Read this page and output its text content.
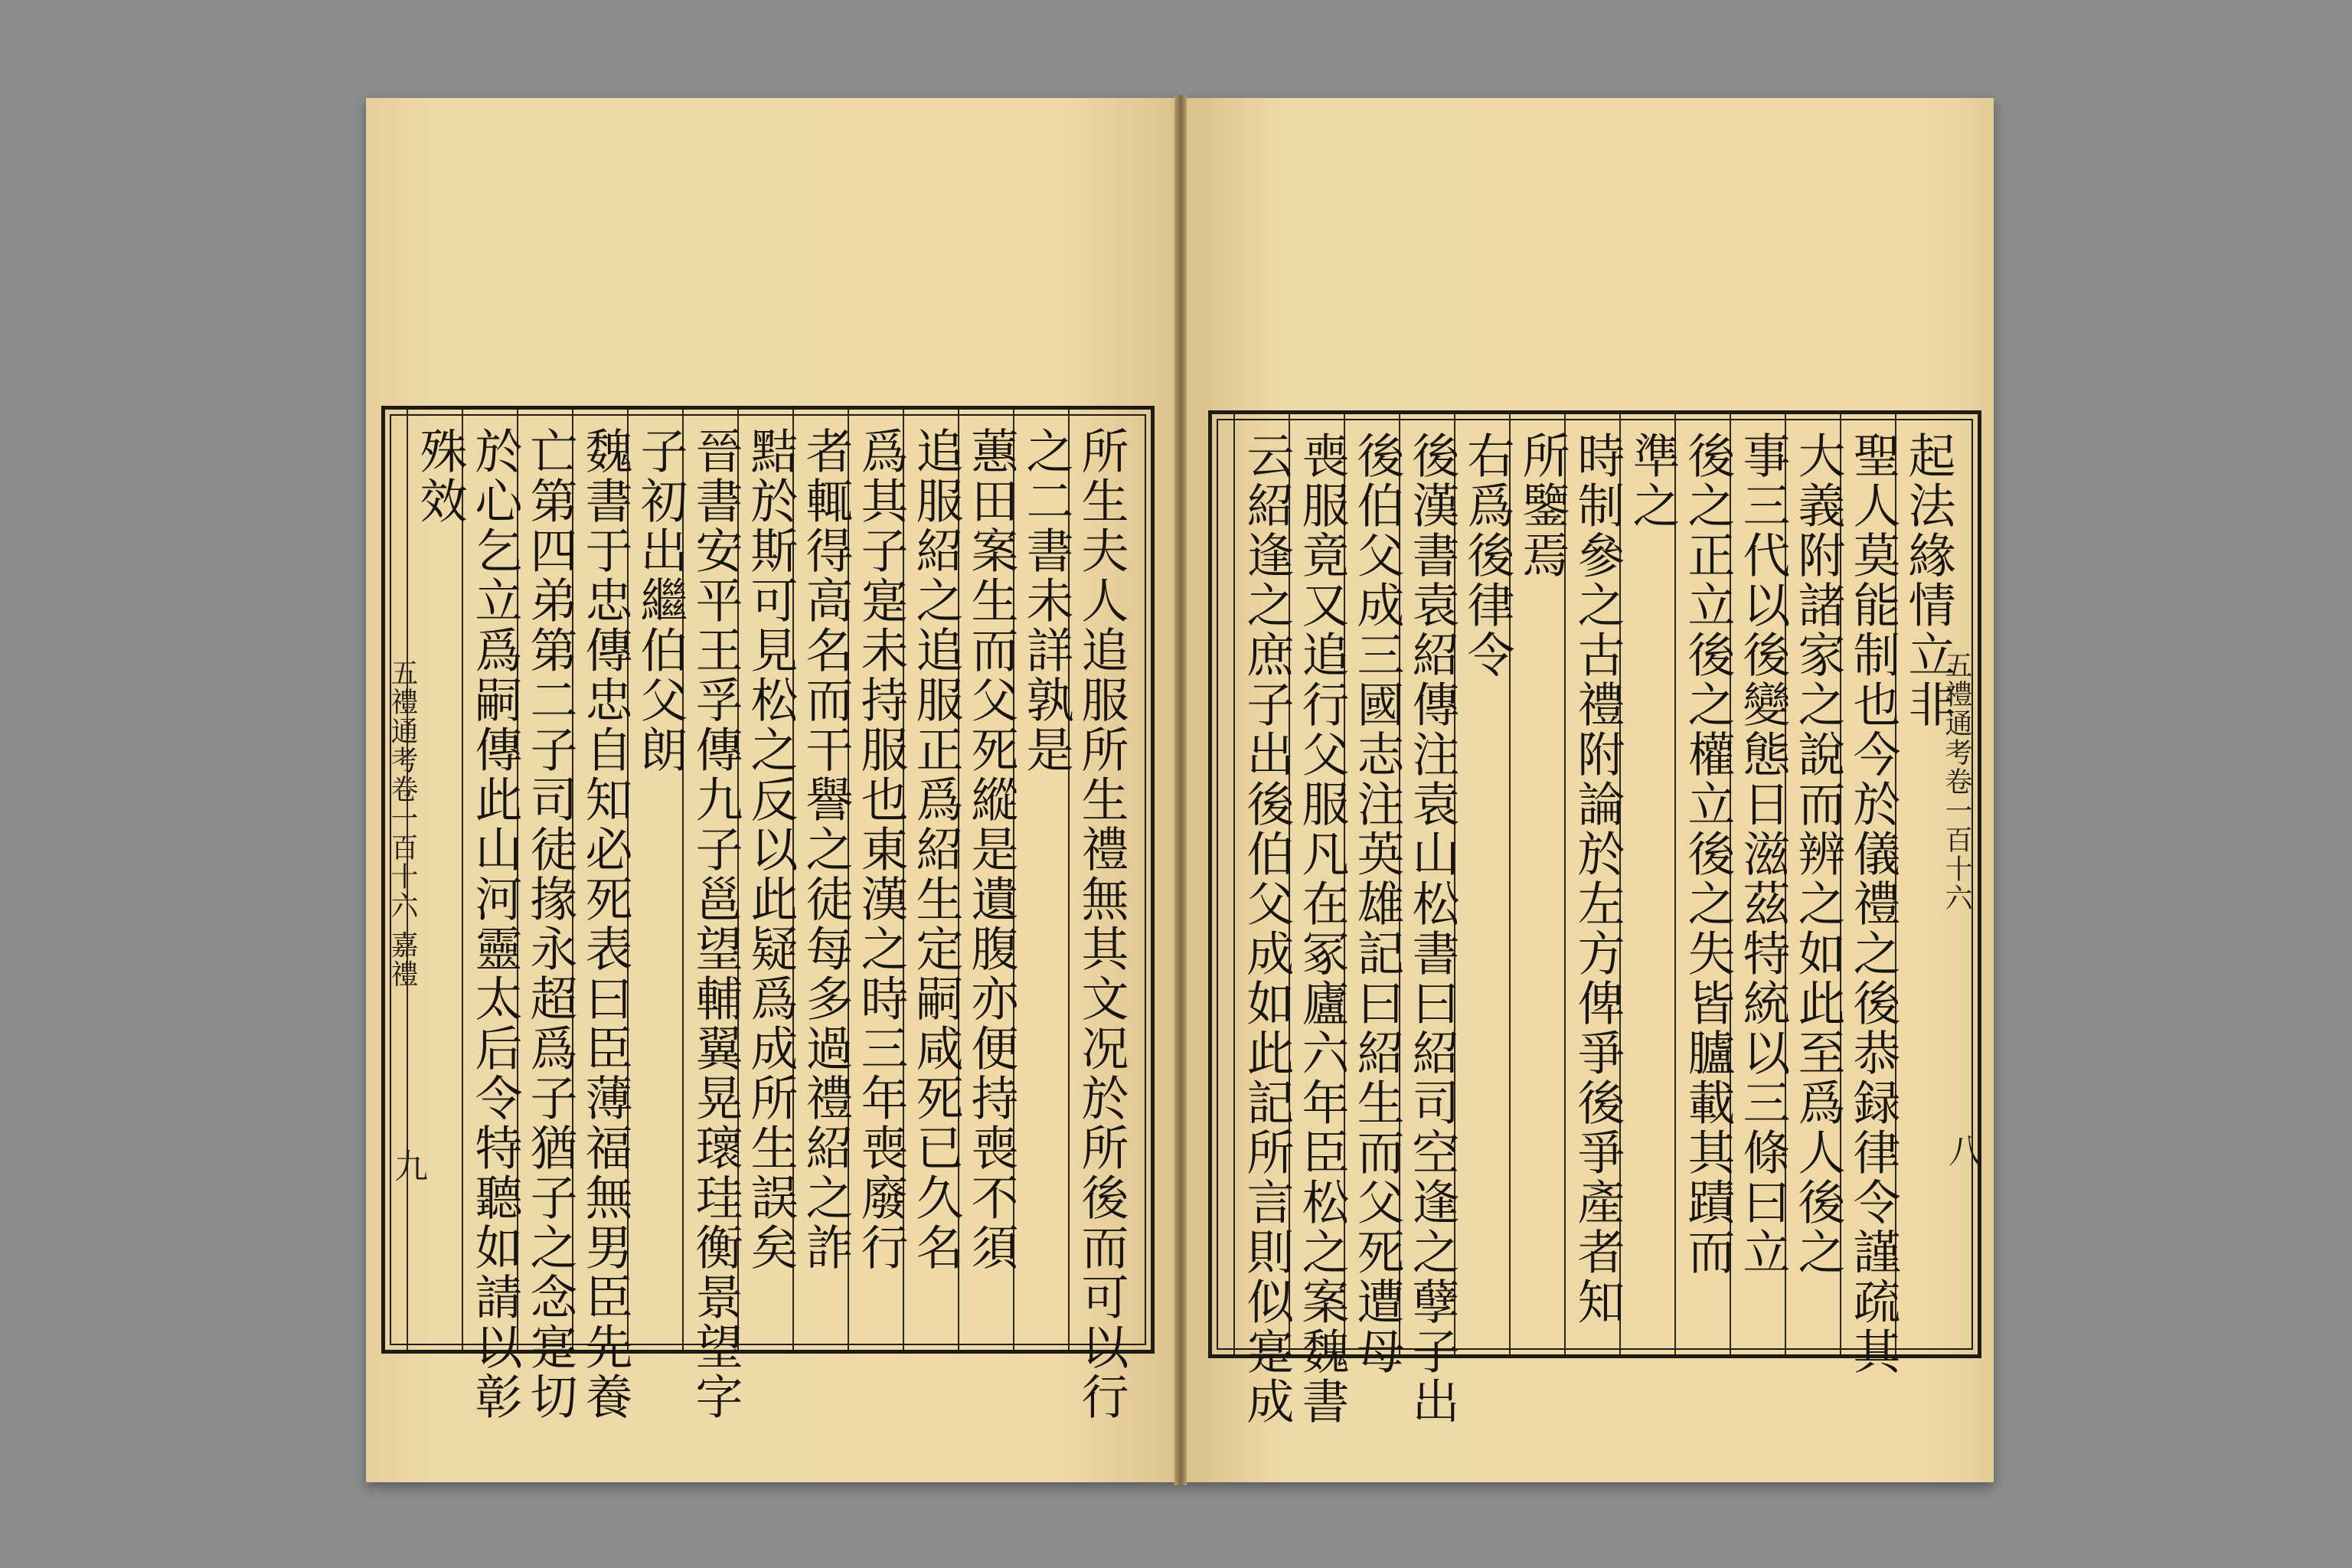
所生夫人追服所生禮無其文况於所後而可以行
之二書未詳孰是
蕙田案生而父死縱是遺腹亦便持喪不須
追服紹之追服正爲紹生定嗣咸死已久名
爲其子寔未持服也東漢之時三年喪廢行
者輒得高名而干譽之徒每多過禮紹之詐
黠於斯可見松之反以此疑爲成所生誤矣
晉書安平王孚傳九子邕望輔翼晃瓌珪衡景望字
子初出繼伯父朗
魏書于忠傳忠自知必死表曰臣薄福無男臣先養
亡第四弟第二子司徒掾永超爲子猶子之念寔切
於心乞立爲嗣傳此山河靈太后令特聽如請以彰
殊效	起法緣情立非
聖人莫能制也今於儀禮之後恭録律令謹疏其
大義附諸家之說而辨之如此至爲人後之
事三代以後變態日滋茲特統以三條曰立
後之正立後之權立後之失皆臚載其蹟而
準之
時制參之古禮附論於左方俾爭後爭產者知
所鑒焉
右爲後律令
後漢書袁紹傳注袁山松書曰紹司空逢之孽子出
後伯父成三國志注英雄記曰紹生而父死遭母
喪服竟又追行父服凡在冢廬六年臣松之案魏書
云紹逢之庶子出後伯父成如此記所言則似寔成
五禮通考卷一百十六 嘉禮
九
五禮通考卷一百十六
八
